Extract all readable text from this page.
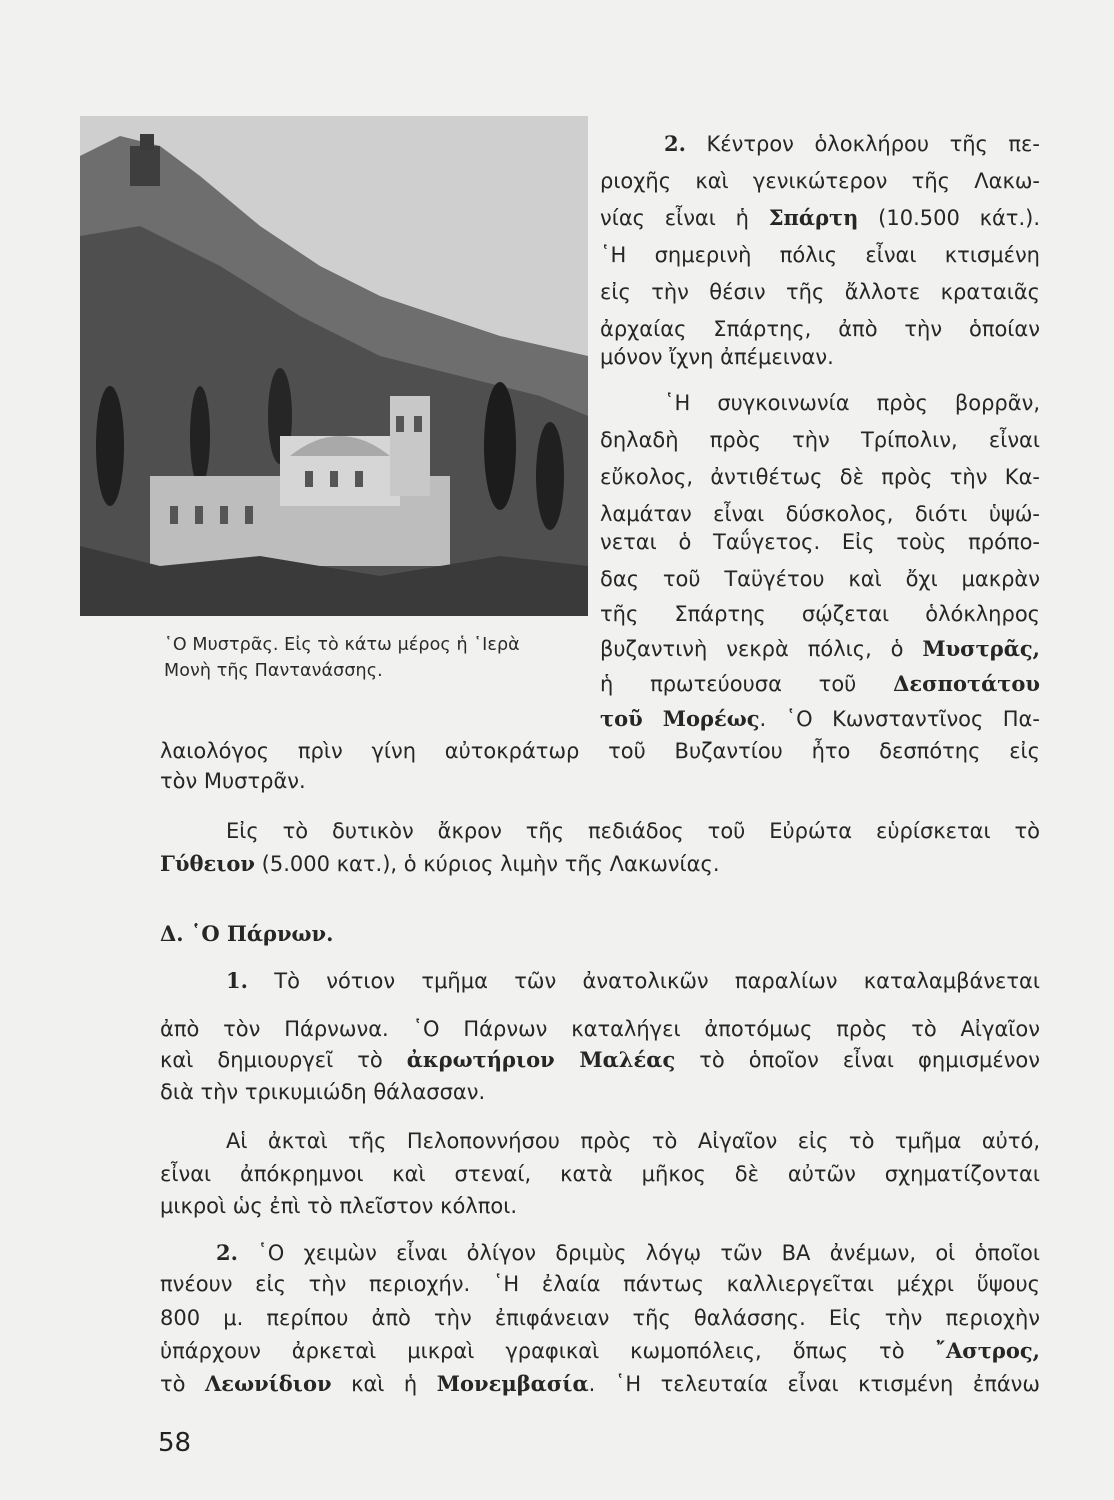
῾Ο Μυστρᾶς. Εἰς τὸ κάτω μέρος ἡ ῾Ιερὰ

Μονὴ τῆς Παντανάσσης.

2. Κέντρον ὁλοκλήρου τῆς πε-
ριοχῆς καὶ γενικώτερον τῆς Λακω-
νίας εἶναι ἡ Σπάρτη (10.500 κάτ.).
῾Η σημερινὴ πόλις εἶναι κτισμένη
εἰς τὴν θέσιν τῆς ἄλλοτε κραταιᾶς
ἀρχαίας Σπάρτης, ἀπὸ τὴν ὁποίαν
μόνον ἴχνη ἀπέμειναν.
῾Η συγκοινωνία πρὸς βορρᾶν,
δηλαδὴ πρὸς τὴν Τρίπολιν, εἶναι
εὔκολος, ἀντιθέτως δὲ πρὸς τὴν Κα-
λαμάταν εἶναι δύσκολος, διότι ὑψώ-
νεται ὁ Ταΰγετος. Εἰς τοὺς πρόπο-
δας τοῦ Ταϋγέτου καὶ ὄχι μακρὰν
τῆς Σπάρτης σῴζεται ὁλόκληρος
βυζαντινὴ νεκρὰ πόλις, ὁ Μυστρᾶς,
ἡ πρωτεύουσα τοῦ Δεσποτάτου
τοῦ Μορέως. ῾Ο Κωνσταντῖνος Πα-
λαιολόγος πρὶν γίνη αὐτοκράτωρ τοῦ Βυζαντίου ἦτο δεσπότης εἰς
τὸν Μυστρᾶν.
Εἰς τὸ δυτικὸν ἄκρον τῆς πεδιάδος τοῦ Εὐρώτα εὑρίσκεται τὸ
Γύθειον (5.000 κατ.), ὁ κύριος λιμὴν τῆς Λακωνίας.
Δ. ῾Ο Πάρνων.
1. Τὸ νότιον τμῆμα τῶν ἀνατολικῶν παραλίων καταλαμβάνεται
ἀπὸ τὸν Πάρνωνα. ῾Ο Πάρνων καταλήγει ἀποτόμως πρὸς τὸ Αἰγαῖον
καὶ δημιουργεῖ τὸ ἀκρωτήριον Μαλέας τὸ ὁποῖον εἶναι φημισμένον
διὰ τὴν τρικυμιώδη θάλασσαν.
Αἱ ἀκταὶ τῆς Πελοποννήσου πρὸς τὸ Αἰγαῖον εἰς τὸ τμῆμα αὐτό,
εἶναι ἀπόκρημνοι καὶ στεναί, κατὰ μῆκος δὲ αὐτῶν σχηματίζονται
μικροὶ ὡς ἐπὶ τὸ πλεῖστον κόλποι.
2. ῾Ο χειμὼν εἶναι ὀλίγον δριμὺς λόγῳ τῶν ΒΑ ἀνέμων, οἱ ὁποῖοι
πνέουν εἰς τὴν περιοχήν. ῾Η ἐλαία πάντως καλλιεργεῖται μέχρι ὕψους
800 μ. περίπου ἀπὸ τὴν ἐπιφάνειαν τῆς θαλάσσης. Εἰς τὴν περιοχὴν
ὑπάρχουν ἀρκεταὶ μικραὶ γραφικαὶ κωμοπόλεις, ὅπως τὸ ῎Αστρος,
τὸ Λεωνίδιον καὶ ἡ Μονεμβασία. ῾Η τελευταία εἶναι κτισμένη ἐπάνω
58
